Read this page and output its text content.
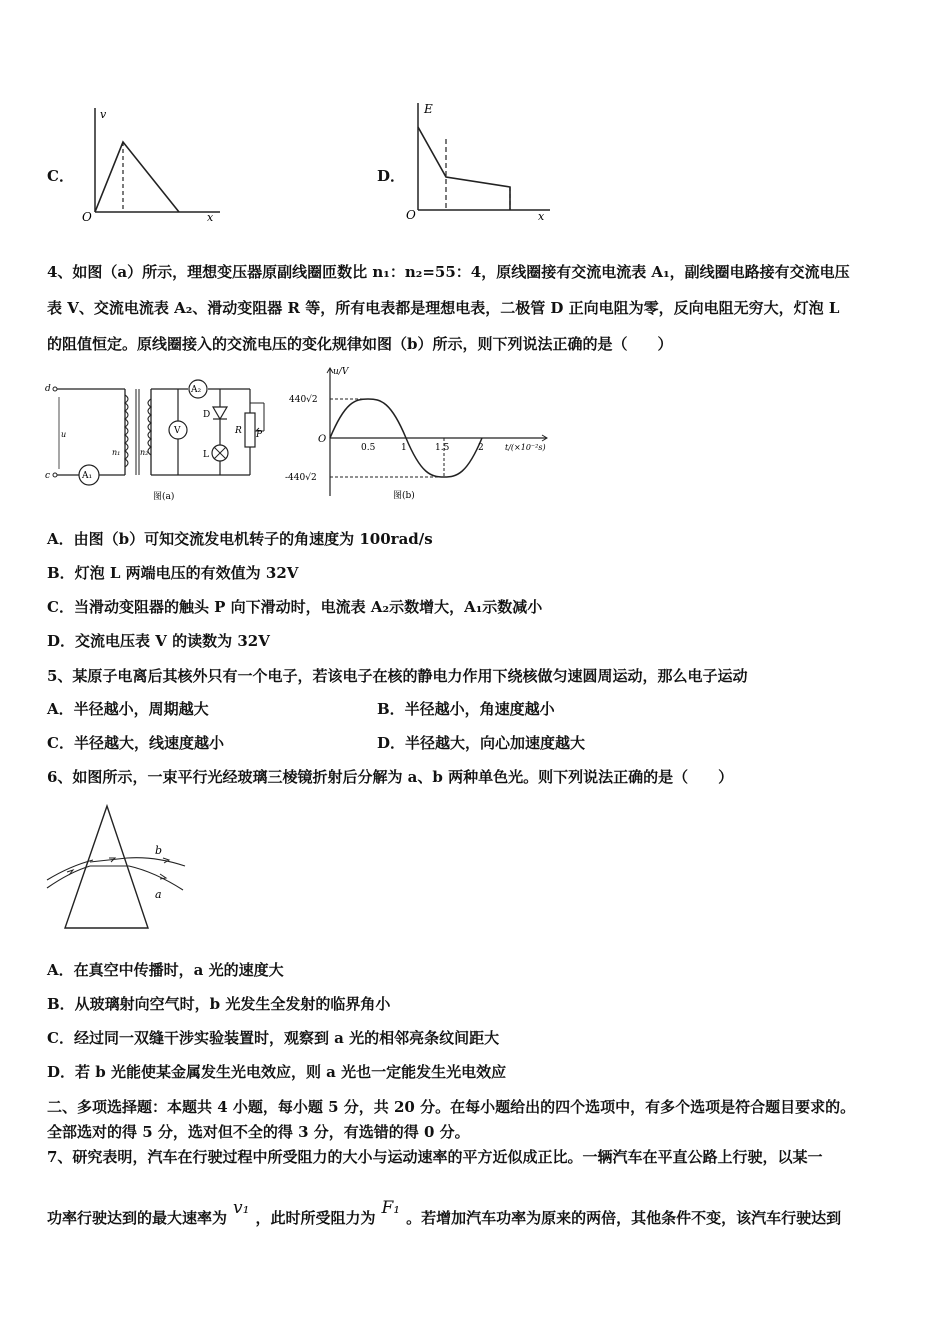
C．
v
x
O
D．
E
x
O
4、如图（a）所示，理想变压器原副线圈匝数比 n₁：n₂=55：4，原线圈接有交流电流表 A₁，副线圈电路接有交流电压
表 V、交流电流表 A₂、滑动变阻器 R 等，所有电表都是理想电表，二极管 D 正向电阻为零，反向电阻无穷大，灯泡 L
的阻值恒定。原线圈接入的交流电压的变化规律如图（b）所示，则下列说法正确的是（　　）
d
c
u
n₁ n₂
A₁
A₂
V
D
L
R P
图(a)
u/V
t/(×10⁻²s)
440√2
-440√2
O
0.5	1	1.5	2
图(b)
A．由图（b）可知交流发电机转子的角速度为 100rad/s
B．灯泡 L 两端电压的有效值为 32V
C．当滑动变阻器的触头 P 向下滑动时，电流表 A₂示数增大，A₁示数减小
D．交流电压表 V 的读数为 32V
5、某原子电离后其核外只有一个电子，若该电子在核的静电力作用下绕核做匀速圆周运动，那么电子运动
A．半径越小，周期越大	B．半径越小，角速度越小
C．半径越大，线速度越小	D．半径越大，向心加速度越大
6、如图所示，一束平行光经玻璃三棱镜折射后分解为 a、b 两种单色光。则下列说法正确的是（　　）
b
a
A．在真空中传播时，a 光的速度大
B．从玻璃射向空气时，b 光发生全发射的临界角小
C．经过同一双缝干涉实验装置时，观察到 a 光的相邻亮条纹间距大
D．若 b 光能使某金属发生光电效应，则 a 光也一定能发生光电效应
二、多项选择题：本题共 4 小题，每小题 5 分，共 20 分。在每小题给出的四个选项中，有多个选项是符合题目要求的。
全部选对的得 5 分，选对但不全的得 3 分，有选错的得 0 分。
7、研究表明，汽车在行驶过程中所受阻力的大小与运动速率的平方近似成正比。一辆汽车在平直公路上行驶，以某一
功率行驶达到的最大速率为 v₁ ，此时所受阻力为 F₁ 。若增加汽车功率为原来的两倍，其他条件不变，该汽车行驶达到
